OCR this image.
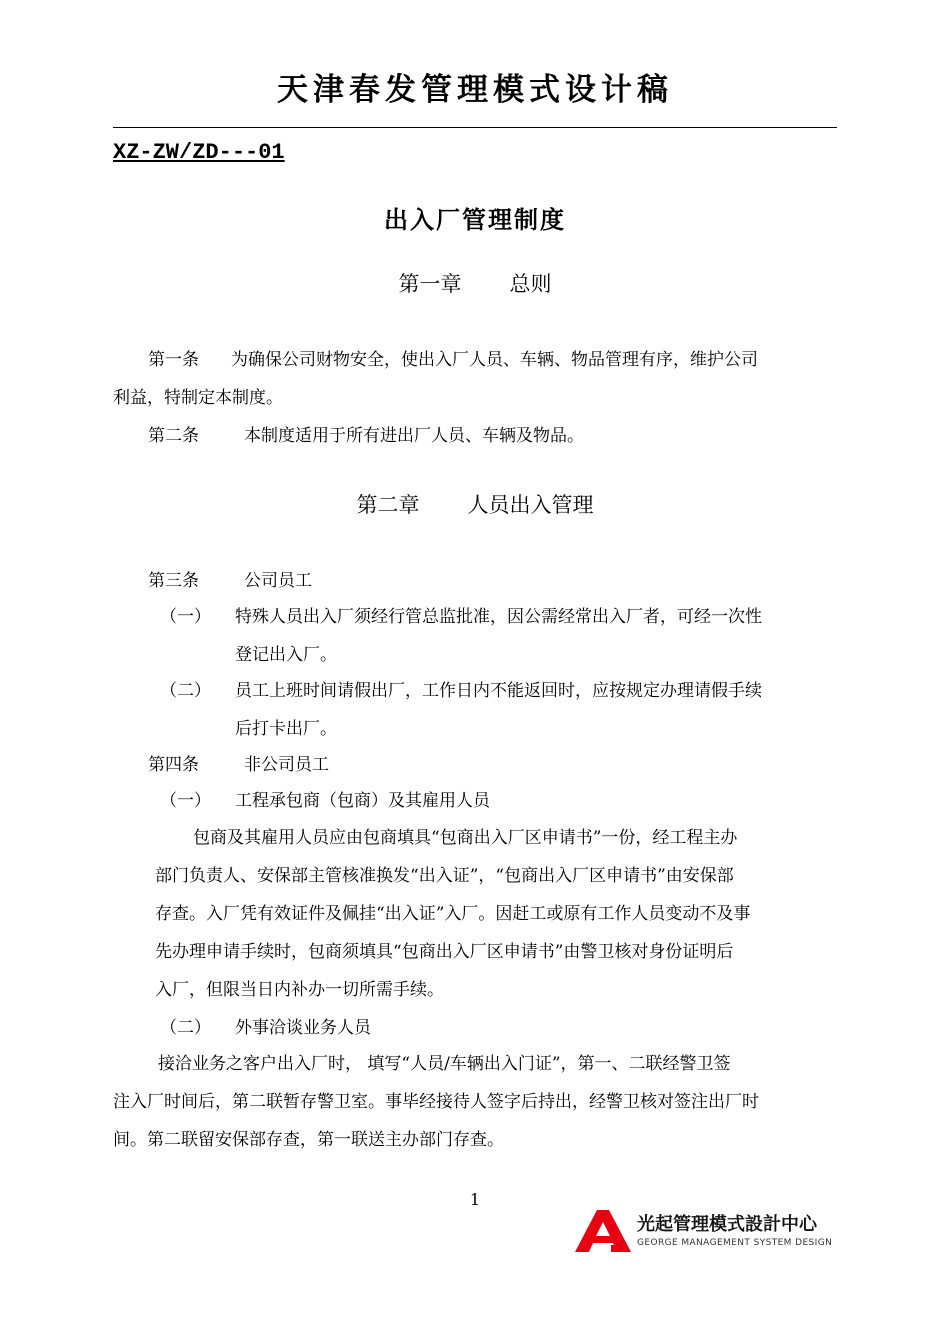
天津春发管理模式设计稿
XZ-ZW/ZD---01
出入厂管理制度
第一章 总则
第一条 为确保公司财物安全，使出入厂人员、车辆、物品管理有序，维护公司
利益，特制定本制度。
第二条	本制度适用于所有进出厂人员、车辆及物品。
第二章 人员出入管理
第三条	公司员工
（一） 特殊人员出入厂须经行管总监批准，因公需经常出入厂者，可经一次性
登记出入厂。
（二） 员工上班时间请假出厂，工作日内不能返回时，应按规定办理请假手续
后打卡出厂。
第四条	非公司员工
（一） 工程承包商（包商）及其雇用人员
包商及其雇用人员应由包商填具“包商出入厂区申请书”一份，经工程主办
部门负责人、安保部主管核准换发“出入证”，“包商出入厂区申请书”由安保部
存查。入厂凭有效证件及佩挂“出入证”入厂。因赶工或原有工作人员变动不及事
先办理申请手续时，包商须填具“包商出入厂区申请书”由警卫核对身份证明后
入厂，但限当日内补办一切所需手续。
（二） 外事洽谈业务人员
接洽业务之客户出入厂时， 填写“人员/车辆出入门证”，第一、二联经警卫签
注入厂时间后，第二联暂存警卫室。事毕经接待人签字后持出，经警卫核对签注出厂时
间。第二联留安保部存查，第一联送主办部门存查。
1
光起管理模式設計中心
GEORGE MANAGEMENT SYSTEM DESIGN
